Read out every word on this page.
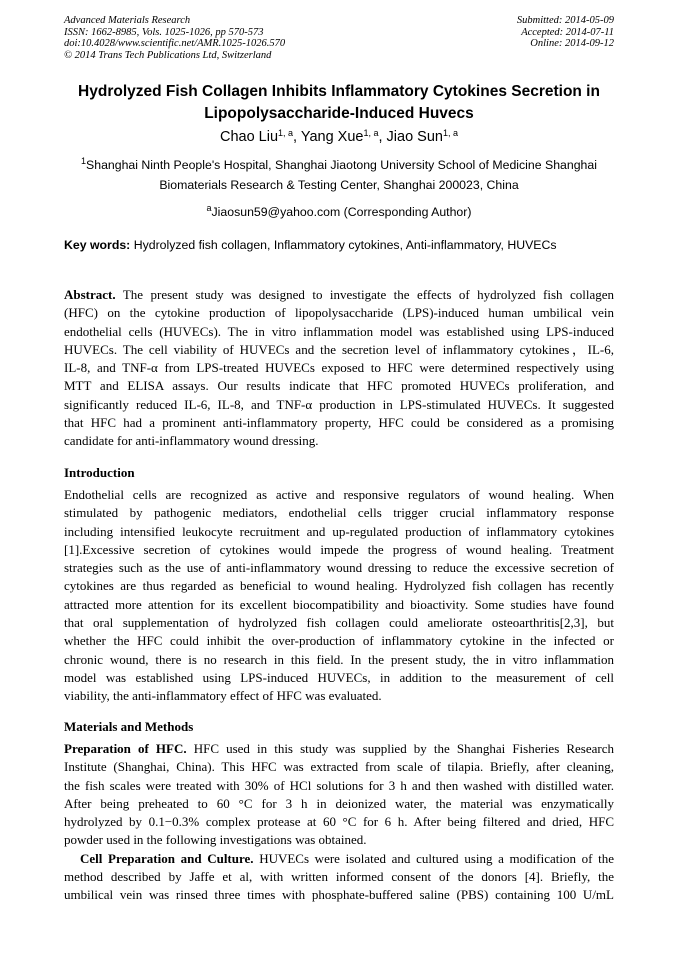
Advanced Materials Research
ISSN: 1662-8985, Vols. 1025-1026, pp 570-573
doi:10.4028/www.scientific.net/AMR.1025-1026.570
© 2014 Trans Tech Publications Ltd, Switzerland
Submitted: 2014-05-09
Accepted: 2014-07-11
Online: 2014-09-12
Hydrolyzed Fish Collagen Inhibits Inflammatory Cytokines Secretion in
Lipopolysaccharide-Induced Huvecs
Chao Liu$^{1, a}$, Yang Xue$^{1, a}$, Jiao Sun$^{1, a}$
$^1$Shanghai Ninth People's Hospital, Shanghai Jiaotong University School of Medicine Shanghai
Biomaterials Research & Testing Center, Shanghai 200023, China
$^a$Jiaosun59@yahoo.com (Corresponding Author)
Key words: Hydrolyzed fish collagen, Inflammatory cytokines, Anti-inflammatory, HUVECs
Abstract. The present study was designed to investigate the effects of hydrolyzed fish collagen
(HFC) on the cytokine production of lipopolysaccharide (LPS)-induced human umbilical vein
endothelial cells (HUVECs). The in vitro inflammation model was established using LPS-induced
HUVECs. The cell viability of HUVECs and the secretion level of inflammatory cytokines，IL-6,
IL-8, and TNF-α from LPS-treated HUVECs exposed to HFC were determined respectively using
MTT and ELISA assays. Our results indicate that HFC promoted HUVECs proliferation, and
significantly reduced IL-6, IL-8, and TNF-α production in LPS-stimulated HUVECs. It suggested
that HFC had a prominent anti-inflammatory property, HFC could be considered as a promising
candidate for anti-inflammatory wound dressing.
Introduction
Endothelial cells are recognized as active and responsive regulators of wound healing. When
stimulated by pathogenic mediators, endothelial cells trigger crucial inflammatory response
including intensified leukocyte recruitment and up-regulated production of inflammatory cytokines
[1].Excessive secretion of cytokines would impede the progress of wound healing. Treatment
strategies such as the use of anti-inflammatory wound dressing to reduce the excessive secretion of
cytokines are thus regarded as beneficial to wound healing. Hydrolyzed fish collagen has recently
attracted more attention for its excellent biocompatibility and bioactivity. Some studies have found
that oral supplementation of hydrolyzed fish collagen could ameliorate osteoarthritis[2,3], but
whether the HFC could inhibit the over-production of inflammatory cytokine in the infected or
chronic wound, there is no research in this field. In the present study, the in vitro inflammation
model was established using LPS-induced HUVECs, in addition to the measurement of cell
viability, the anti-inflammatory effect of HFC was evaluated.
Materials and Methods
Preparation of HFC. HFC used in this study was supplied by the Shanghai Fisheries Research
Institute (Shanghai, China). This HFC was extracted from scale of tilapia. Briefly, after cleaning,
the fish scales were treated with 30% of HCl solutions for 3 h and then washed with distilled water.
After being preheated to 60 °C for 3 h in deionized water, the material was enzymatically
hydrolyzed by 0.1−0.3% complex protease at 60 °C for 6 h. After being filtered and dried, HFC
powder used in the following investigations was obtained.
Cell Preparation and Culture. HUVECs were isolated and cultured using a modification of the
method described by Jaffe et al, with written informed consent of the donors [4]. Briefly, the
umbilical vein was rinsed three times with phosphate-buffered saline (PBS) containing 100 U/mL
